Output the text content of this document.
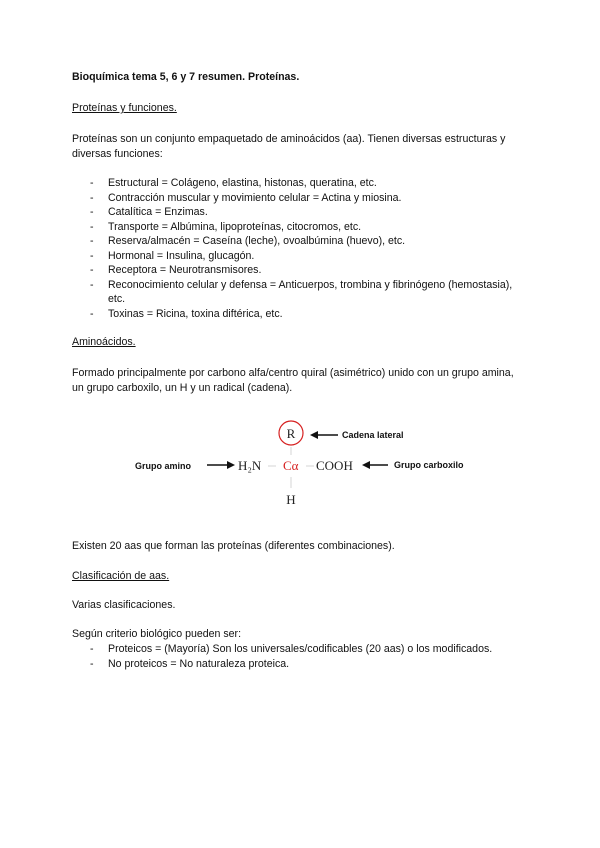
Bioquímica tema 5, 6 y 7 resumen. Proteínas.
Proteínas y funciones.
Proteínas son un conjunto empaquetado de aminoácidos (aa). Tienen diversas estructuras y diversas funciones:
- Estructural = Colágeno, elastina, histonas, queratina, etc.
- Contracción muscular y movimiento celular = Actina y miosina.
- Catalítica = Enzimas.
- Transporte = Albúmina, lipoproteínas, citocromos, etc.
- Reserva/almacén = Caseína (leche), ovoalbúmina (huevo), etc.
- Hormonal = Insulina, glucagón.
- Receptora = Neurotransmisores.
- Reconocimiento celular y defensa = Anticuerpos, trombina y fibrinógeno (hemostasia), etc.
- Toxinas = Ricina, toxina diftérica, etc.
Aminoácidos.
Formado principalmente por carbono alfa/centro quiral (asimétrico) unido con un grupo amina, un grupo carboxilo, un H y un radical (cadena).
R	Cadena lateral
Grupo amino	H₂N Cα COOH	Grupo carboxilo
H
Existen 20 aas que forman las proteínas (diferentes combinaciones).
Clasificación de aas.
Varias clasificaciones.
Según criterio biológico pueden ser:
- Proteicos = (Mayoría) Son los universales/codificables (20 aas) o los modificados.
- No proteicos = No naturaleza proteica.
